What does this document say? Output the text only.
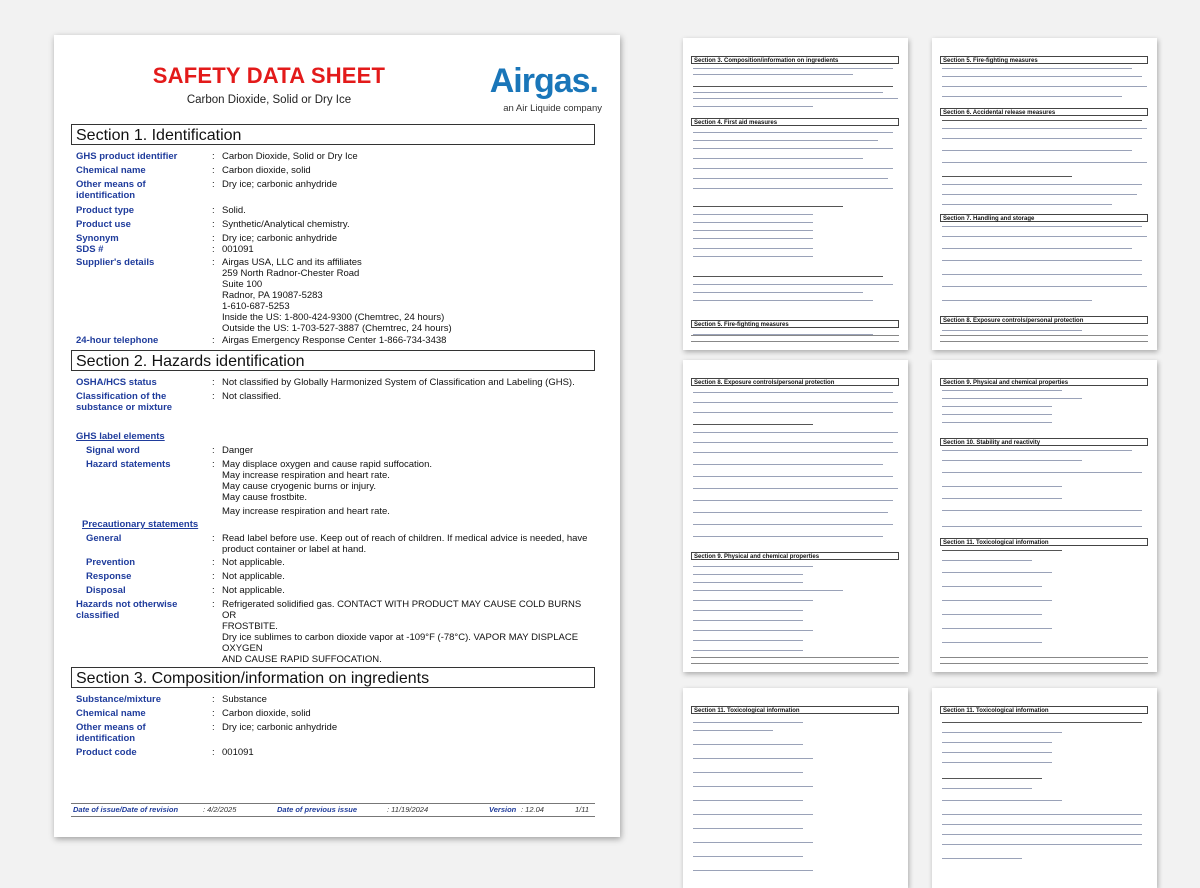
SAFETY DATA SHEET
Carbon Dioxide, Solid or Dry Ice	Airgas.
an Air Liquide company
Section 1. Identification
GHS product identifier	: Carbon Dioxide, Solid or Dry Ice
Chemical name	: Carbon dioxide, solid
Other means of identification
: Dry ice; carbonic anhydride
Product type	: Solid.
Product use	: Synthetic/Analytical chemistry.
Synonym	: Dry ice; carbonic anhydride
SDS #	: 001091
Supplier's details	: Airgas USA, LLC and its affiliates
259 North Radnor-Chester Road
Suite 100
Radnor, PA 19087-5283
1-610-687-5253
Inside the US: 1-800-424-9300 (Chemtrec, 24 hours)
Outside the US: 1-703-527-3887 (Chemtrec, 24 hours)
24-hour telephone	: Airgas Emergency Response Center 1-866-734-3438
Section 2. Hazards identification
OSHA/HCS status	: Not classified by Globally Harmonized System of Classification and Labeling (GHS).
Classification of the substance or mixture
: Not classified.
GHS label elements
Signal word	: Danger
Hazard statements	: May displace oxygen and cause rapid suffocation.
May increase respiration and heart rate.
May cause cryogenic burns or injury.
May cause frostbite.
May increase respiration and heart rate.
Precautionary statements
General	: Read label before use. Keep out of reach of children. If medical advice is needed, have product container or label at hand.
Prevention	: Not applicable.
Response	: Not applicable.
Disposal	: Not applicable.
Hazards not otherwise classified
: Refrigerated solidified gas. CONTACT WITH PRODUCT MAY CAUSE COLD BURNS
OR
FROSTBITE.
Dry ice sublimes to carbon dioxide vapor at -109°F (-78°C). VAPOR MAY DISPLACE
OXYGEN
AND CAUSE RAPID SUFFOCATION.
Section 3. Composition/information on ingredients
Substance/mixture	: Substance
Chemical name	: Carbon dioxide, solid
Other means of identification
: Dry ice; carbonic anhydride
Product code	: 001091
Date of issue/Date of revision	: 4/2/2025	Date of previous issue	: 11/19/2024	Version : 12.04	1/11
Section 3. Composition/information on ingredients
Section 4. First aid measures
Section 5. Fire-fighting measures
Section 5. Fire-fighting measures
Section 6. Accidental release measures
Section 7. Handling and storage
Section 8. Exposure controls/personal protection
Section 8. Exposure controls/personal protection
Section 9. Physical and chemical properties
Section 9. Physical and chemical properties
Section 10. Stability and reactivity
Section 11. Toxicological information
Section 11. Toxicological information	Section 11. Toxicological information
